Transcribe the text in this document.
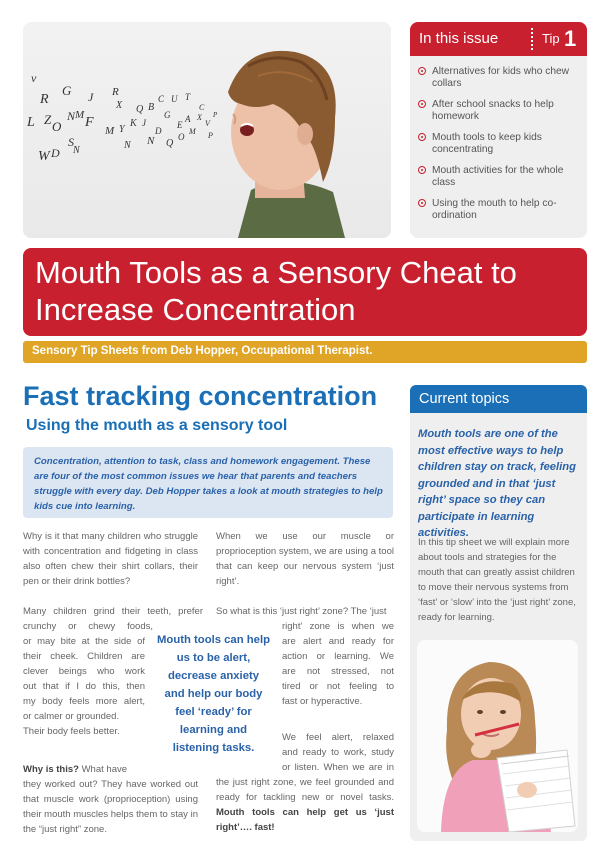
v
R
G J R
X
Z
L O
M
N F
W D
S
N
M Y
K
Q B
C U T
G A
J
D
E
N Q
O
M
X
C
V
P
N
P
In this issue	Tip 1
Alternatives for kids who chew collars
After school snacks to help homework
Mouth tools to keep kids concentrating
Mouth activities for the whole class
Using the mouth to help co-ordination
Mouth Tools as a Sensory Cheat to Increase Concentration
Sensory Tip Sheets from Deb Hopper, Occupational Therapist.
Fast tracking concentration
Using the mouth as a sensory tool

Concentration, attention to task, class and homework engagement. These are four of the most common issues we hear that parents and teachers struggle with every day. Deb Hopper takes a look at mouth strategies to help kids cue into learning.

Why is it that many children who struggle with concentration and fidgeting in class also often chew their shirt collars, their pen or their drink bottles?

Many children grind their teeth, prefer
crunchy or chewy foods,
or may bite at the side of
their cheek. Children are
clever beings who work
out that if I do this, then
my body feels more alert,
or calmer or grounded.
Their body feels better.
Why is this? What have
they worked out? They have worked out that muscle work (proprioception) using their mouth muscles helps them to stay in the “just right” zone.
Mouth tools can help us to be alert, decrease anxiety and help our body feel ‘ready’ for learning and listening tasks.

When we use our muscle or proprioception system, we are using a tool that can keep our nervous system ‘just right’.

So what is this ‘just right’ zone? The ‘just
right’ zone is when we
are alert and ready for
action or learning. We
are not stressed, not
tired or not feeling to
fast or hyperactive.
We feel alert, relaxed
and ready to work, study
or listen. When we are in
the just right zone, we feel grounded and ready for tackling new or novel tasks. Mouth tools can help get us ‘just right’…. fast!
Current topics

Mouth tools are one of the most effective ways to help children stay on track, feeling grounded and in that ‘just right’ space so they can participate in learning activities.

In this tip sheet we will explain more about tools and strategies for the mouth that can greatly assist children to move their nervous systems from ‘fast’ or ‘slow’ into the ‘just right’ zone, ready for learning.
